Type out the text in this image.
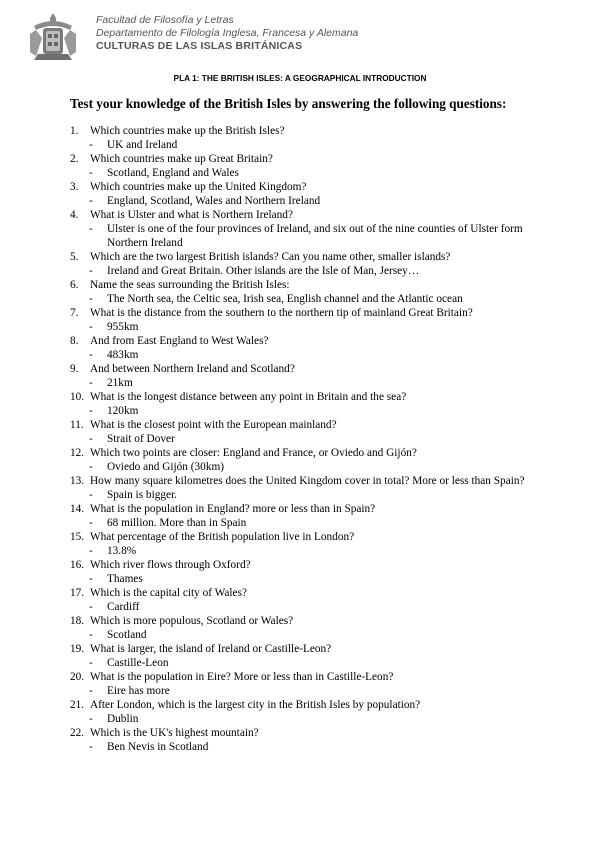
Facultad de Filosofía y Letras
Departamento de Filología Inglesa, Francesa y Alemana
CULTURAS DE LAS ISLAS BRITÁNICAS
PLA 1: THE BRITISH ISLES: A GEOGRAPHICAL INTRODUCTION
Test your knowledge of the British Isles by answering the following questions:
1. Which countries make up the British Isles?
- UK and Ireland
2. Which countries make up Great Britain?
- Scotland, England and Wales
3. Which countries make up the United Kingdom?
- England, Scotland, Wales and Northern Ireland
4. What is Ulster and what is Northern Ireland?
- Ulster is one of the four provinces of Ireland, and six out of the nine counties of Ulster form Northern Ireland
5. Which are the two largest British islands? Can you name other, smaller islands?
- Ireland and Great Britain. Other islands are the Isle of Man, Jersey…
6. Name the seas surrounding the British Isles:
- The North sea, the Celtic sea, Irish sea, English channel and the Atlantic ocean
7. What is the distance from the southern to the northern tip of mainland Great Britain?
- 955km
8. And from East England to West Wales?
- 483km
9. And between Northern Ireland and Scotland?
- 21km
10. What is the longest distance between any point in Britain and the sea?
- 120km
11. What is the closest point with the European mainland?
- Strait of Dover
12. Which two points are closer: England and France, or Oviedo and Gijón?
- Oviedo and Gijón (30km)
13. How many square kilometres does the United Kingdom cover in total? More or less than Spain?
- Spain is bigger.
14. What is the population in England? more or less than in Spain?
- 68 million. More than in Spain
15. What percentage of the British population live in London?
- 13.8%
16. Which river flows through Oxford?
- Thames
17. Which is the capital city of Wales?
- Cardiff
18. Which is more populous, Scotland or Wales?
- Scotland
19. What is larger, the island of Ireland or Castille-Leon?
- Castille-Leon
20. What is the population in Eire? More or less than in Castille-Leon?
- Eire has more
21. After London, which is the largest city in the British Isles by population?
- Dublin
22. Which is the UK's highest mountain?
- Ben Nevis in Scotland
